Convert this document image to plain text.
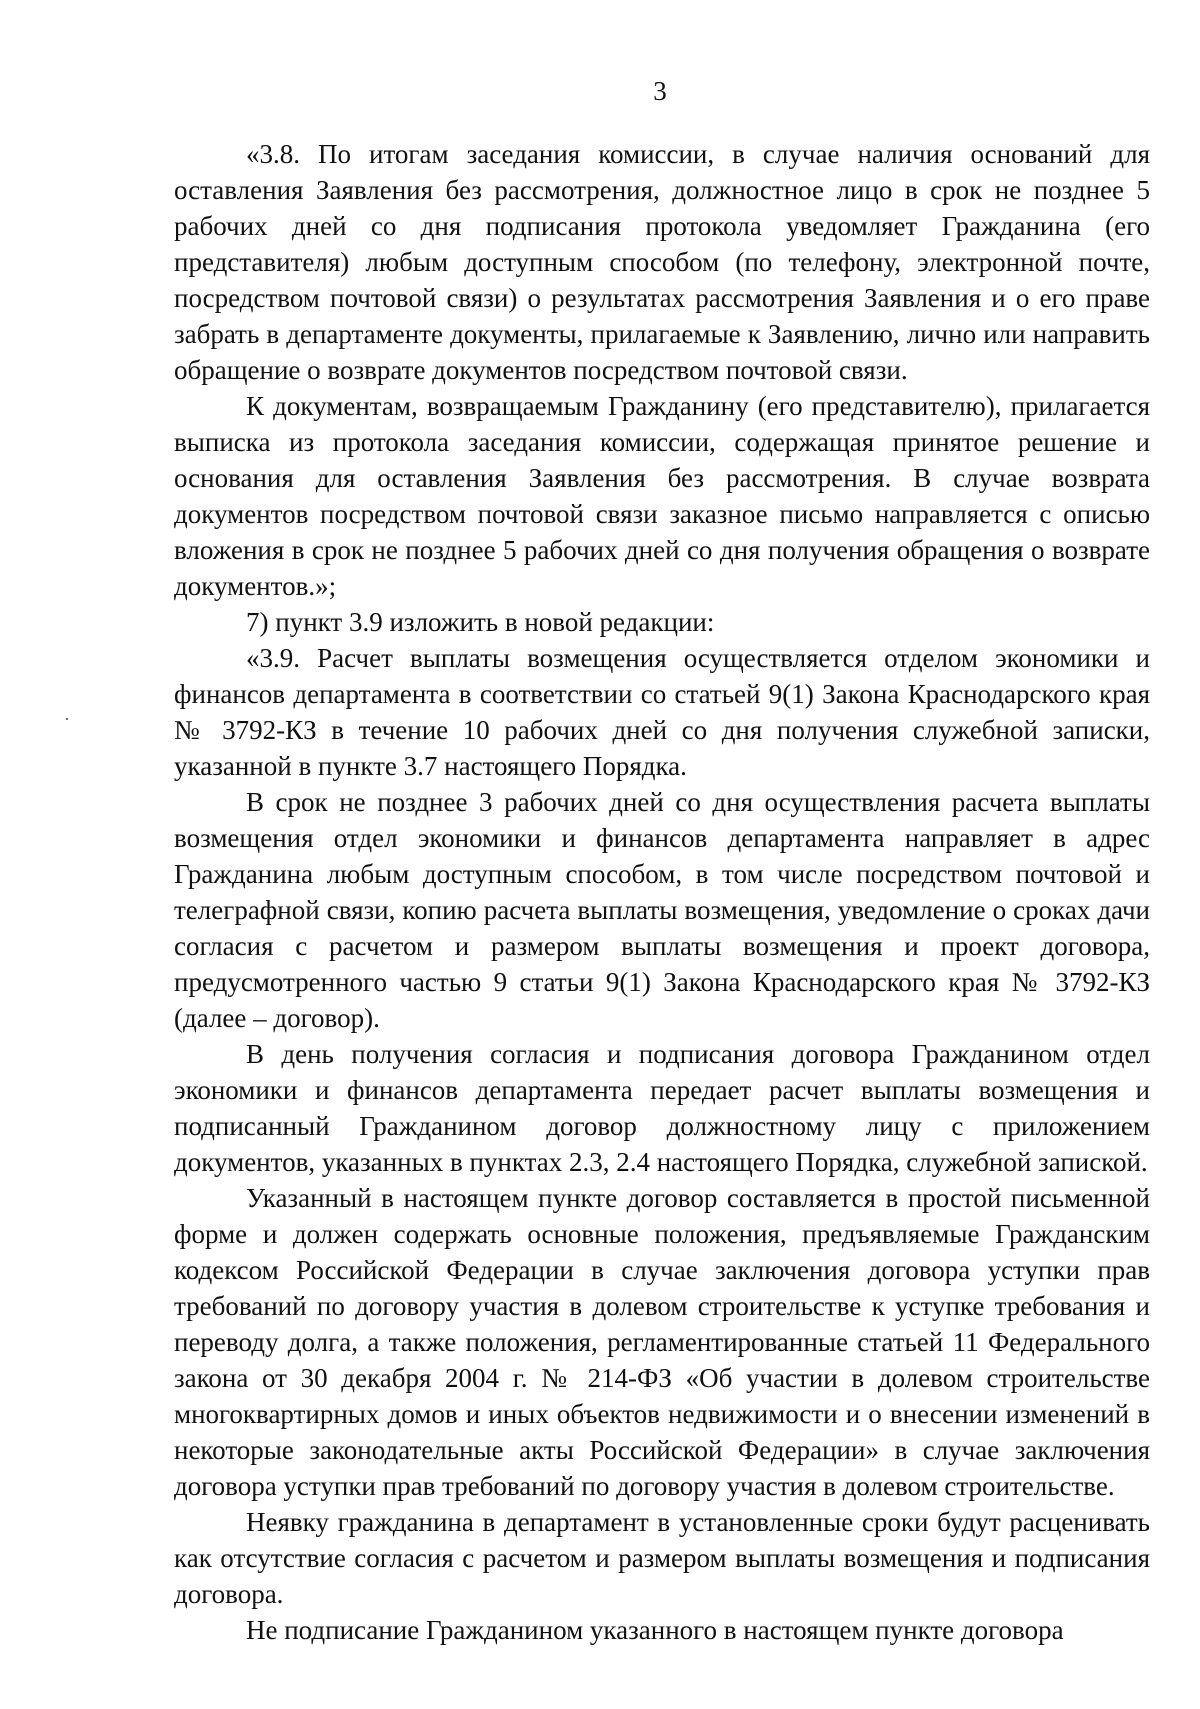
3

«3.8. По итогам заседания комиссии, в случае наличия оснований для оставления Заявления без рассмотрения, должностное лицо в срок не позднее 5 рабочих дней со дня подписания протокола уведомляет Гражданина (его представителя) любым доступным способом (по телефону, электронной почте, посредством почтовой связи) о результатах рассмотрения Заявления и о его праве забрать в департаменте документы, прилагаемые к Заявлению, лично или направить обращение о возврате документов посредством почтовой связи.

К документам, возвращаемым Гражданину (его представителю), прилагается выписка из протокола заседания комиссии, содержащая принятое решение и основания для оставления Заявления без рассмотрения. В случае возврата документов посредством почтовой связи заказное письмо направляется с описью вложения в срок не позднее 5 рабочих дней со дня получения обращения о возврате документов.»;

7) пункт 3.9 изложить в новой редакции:

«3.9. Расчет выплаты возмещения осуществляется отделом экономики и финансов департамента в соответствии со статьей 9(1) Закона Краснодарского края № 3792-КЗ в течение 10 рабочих дней со дня получения служебной записки, указанной в пункте 3.7 настоящего Порядка.

В срок не позднее 3 рабочих дней со дня осуществления расчета выплаты возмещения отдел экономики и финансов департамента направляет в адрес Гражданина любым доступным способом, в том числе посредством почтовой и телеграфной связи, копию расчета выплаты возмещения, уведомление о сроках дачи согласия с расчетом и размером выплаты возмещения и проект договора, предусмотренного частью 9 статьи 9(1) Закона Краснодарского края № 3792-КЗ (далее – договор).

В день получения согласия и подписания договора Гражданином отдел экономики и финансов департамента передает расчет выплаты возмещения и подписанный Гражданином договор должностному лицу с приложением документов, указанных в пунктах 2.3, 2.4 настоящего Порядка, служебной запиской.

Указанный в настоящем пункте договор составляется в простой письменной форме и должен содержать основные положения, предъявляемые Гражданским кодексом Российской Федерации в случае заключения договора уступки прав требований по договору участия в долевом строительстве к уступке требования и переводу долга, а также положения, регламентированные статьей 11 Федерального закона от 30 декабря 2004 г. № 214-ФЗ «Об участии в долевом строительстве многоквартирных домов и иных объектов недвижимости и о внесении изменений в некоторые законодательные акты Российской Федерации» в случае заключения договора уступки прав требований по договору участия в долевом строительстве.

Неявку гражданина в департамент в установленные сроки будут расценивать как отсутствие согласия с расчетом и размером выплаты возмещения и подписания договора.

Не подписание Гражданином указанного в настоящем пункте договора
